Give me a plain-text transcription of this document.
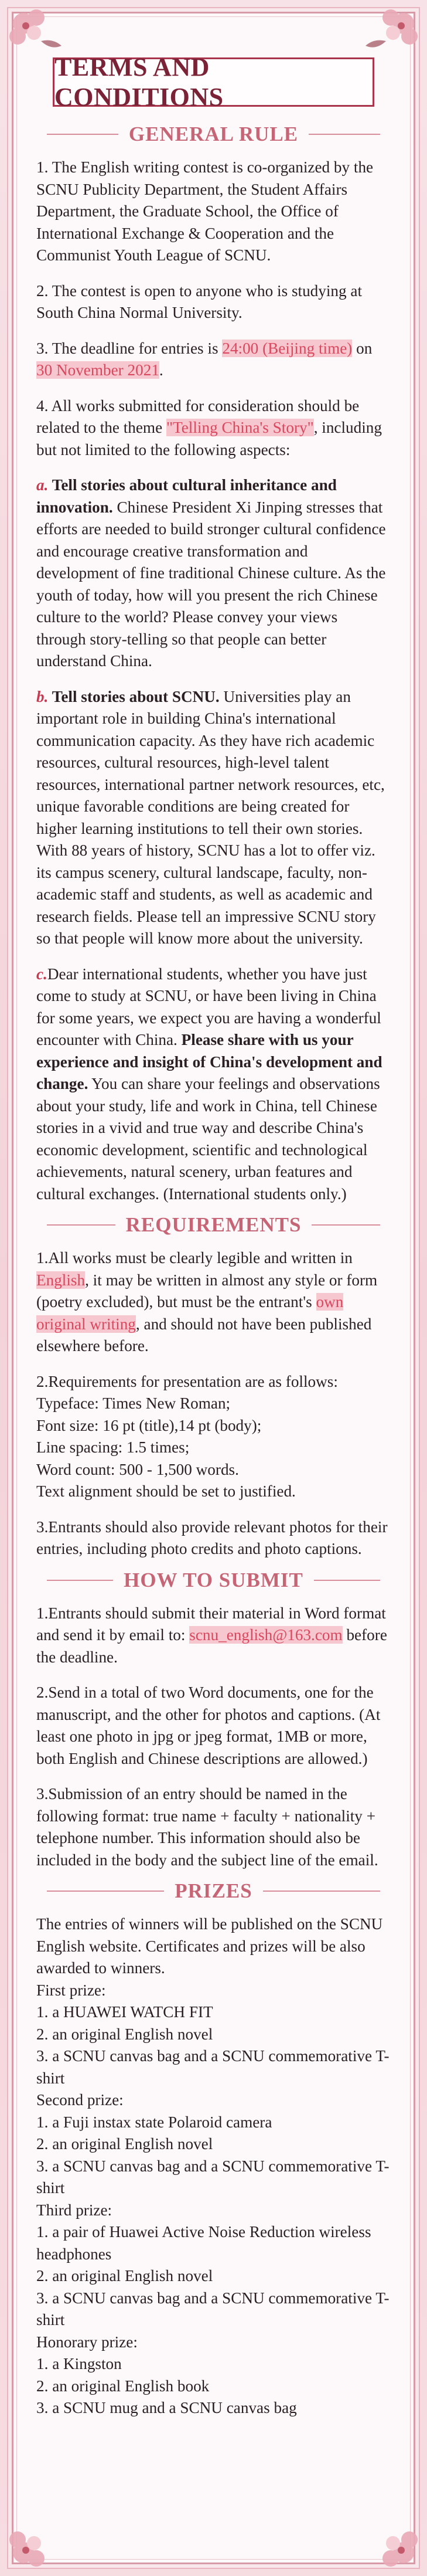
TERMS AND CONDITIONS
GENERAL RULE

1. The English writing contest is co-organized by the SCNU Publicity Department, the Student Affairs Department, the Graduate School, the Office of International Exchange & Cooperation and the Communist Youth League of SCNU.

2. The contest is open to anyone who is studying at South China Normal University.

3. The deadline for entries is 24:00 (Beijing time) on 30 November 2021.

4. All works submitted for consideration should be related to the theme "Telling China's Story", including but not limited to the following aspects:

a. Tell stories about cultural inheritance and innovation. Chinese President Xi Jinping stresses that efforts are needed to build stronger cultural confidence and encourage creative transformation and development of fine traditional Chinese culture. As the youth of today, how will you present the rich Chinese culture to the world? Please convey your views through story-telling so that people can better understand China.

b. Tell stories about SCNU. Universities play an important role in building China's international communication capacity. As they have rich academic resources, cultural resources, high-level talent resources, international partner network resources, etc, unique favorable conditions are being created for higher learning institutions to tell their own stories. With 88 years of history, SCNU has a lot to offer viz. its campus scenery, cultural landscape, faculty, non-academic staff and students, as well as academic and research fields. Please tell an impressive SCNU story so that people will know more about the university.

c.Dear international students, whether you have just come to study at SCNU, or have been living in China for some years, we expect you are having a wonderful encounter with China. Please share with us your experience and insight of China's development and change. You can share your feelings and observations about your study, life and work in China, tell Chinese stories in a vivid and true way and describe China's economic development, scientific and technological achievements, natural scenery, urban features and cultural exchanges. (International students only.)

REQUIREMENTS

1.All works must be clearly legible and written in English, it may be written in almost any style or form (poetry excluded), but must be the entrant's own original writing, and should not have been published elsewhere before.

2.Requirements for presentation are as follows:
Typeface: Times New Roman;
Font size: 16 pt (title),14 pt (body);
Line spacing: 1.5 times;
Word count: 500 - 1,500 words.
Text alignment should be set to justified.

3.Entrants should also provide relevant photos for their entries, including photo credits and photo captions.

HOW TO SUBMIT

1.Entrants should submit their material in Word format and send it by email to: scnu_english@163.com before the deadline.

2.Send in a total of two Word documents, one for the manuscript, and the other for photos and captions. (At least one photo in jpg or jpeg format, 1MB or more, both English and Chinese descriptions are allowed.)

3.Submission of an entry should be named in the following format: true name + faculty + nationality + telephone number. This information should also be included in the body and the subject line of the email.

PRIZES

The entries of winners will be published on the SCNU English website. Certificates and prizes will be also awarded to winners.

First prize:
1. a HUAWEI WATCH FIT
2. an original English novel
3. a SCNU canvas bag and a SCNU commemorative T-shirt
Second prize:
1. a Fuji instax state Polaroid camera
2. an original English novel
3. a SCNU canvas bag and a SCNU commemorative T-shirt
Third prize:
1. a pair of Huawei Active Noise Reduction wireless headphones
2. an original English novel
3. a SCNU canvas bag and a SCNU commemorative T-shirt
Honorary prize:
1. a Kingston
2. an original English book
3. a SCNU mug and a SCNU canvas bag
